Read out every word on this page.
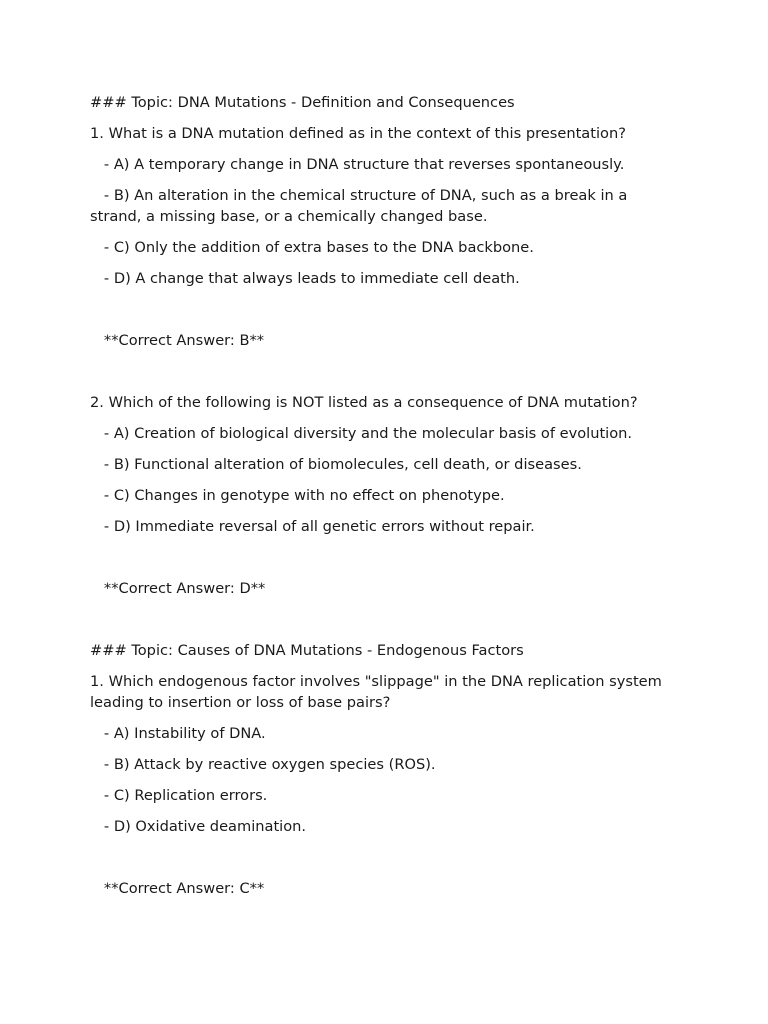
### Topic: DNA Mutations - Definition and Consequences

1. What is a DNA mutation defined as in the context of this presentation?

- A) A temporary change in DNA structure that reverses spontaneously.

- B) An alteration in the chemical structure of DNA, such as a break in a strand, a missing base, or a chemically changed base.

- C) Only the addition of extra bases to the DNA backbone.

- D) A change that always leads to immediate cell death.

**Correct Answer: B**

2. Which of the following is NOT listed as a consequence of DNA mutation?

- A) Creation of biological diversity and the molecular basis of evolution.

- B) Functional alteration of biomolecules, cell death, or diseases.

- C) Changes in genotype with no effect on phenotype.

- D) Immediate reversal of all genetic errors without repair.

**Correct Answer: D**

### Topic: Causes of DNA Mutations - Endogenous Factors

1. Which endogenous factor involves "slippage" in the DNA replication system leading to insertion or loss of base pairs?

- A) Instability of DNA.

- B) Attack by reactive oxygen species (ROS).

- C) Replication errors.

- D) Oxidative deamination.

**Correct Answer: C**
